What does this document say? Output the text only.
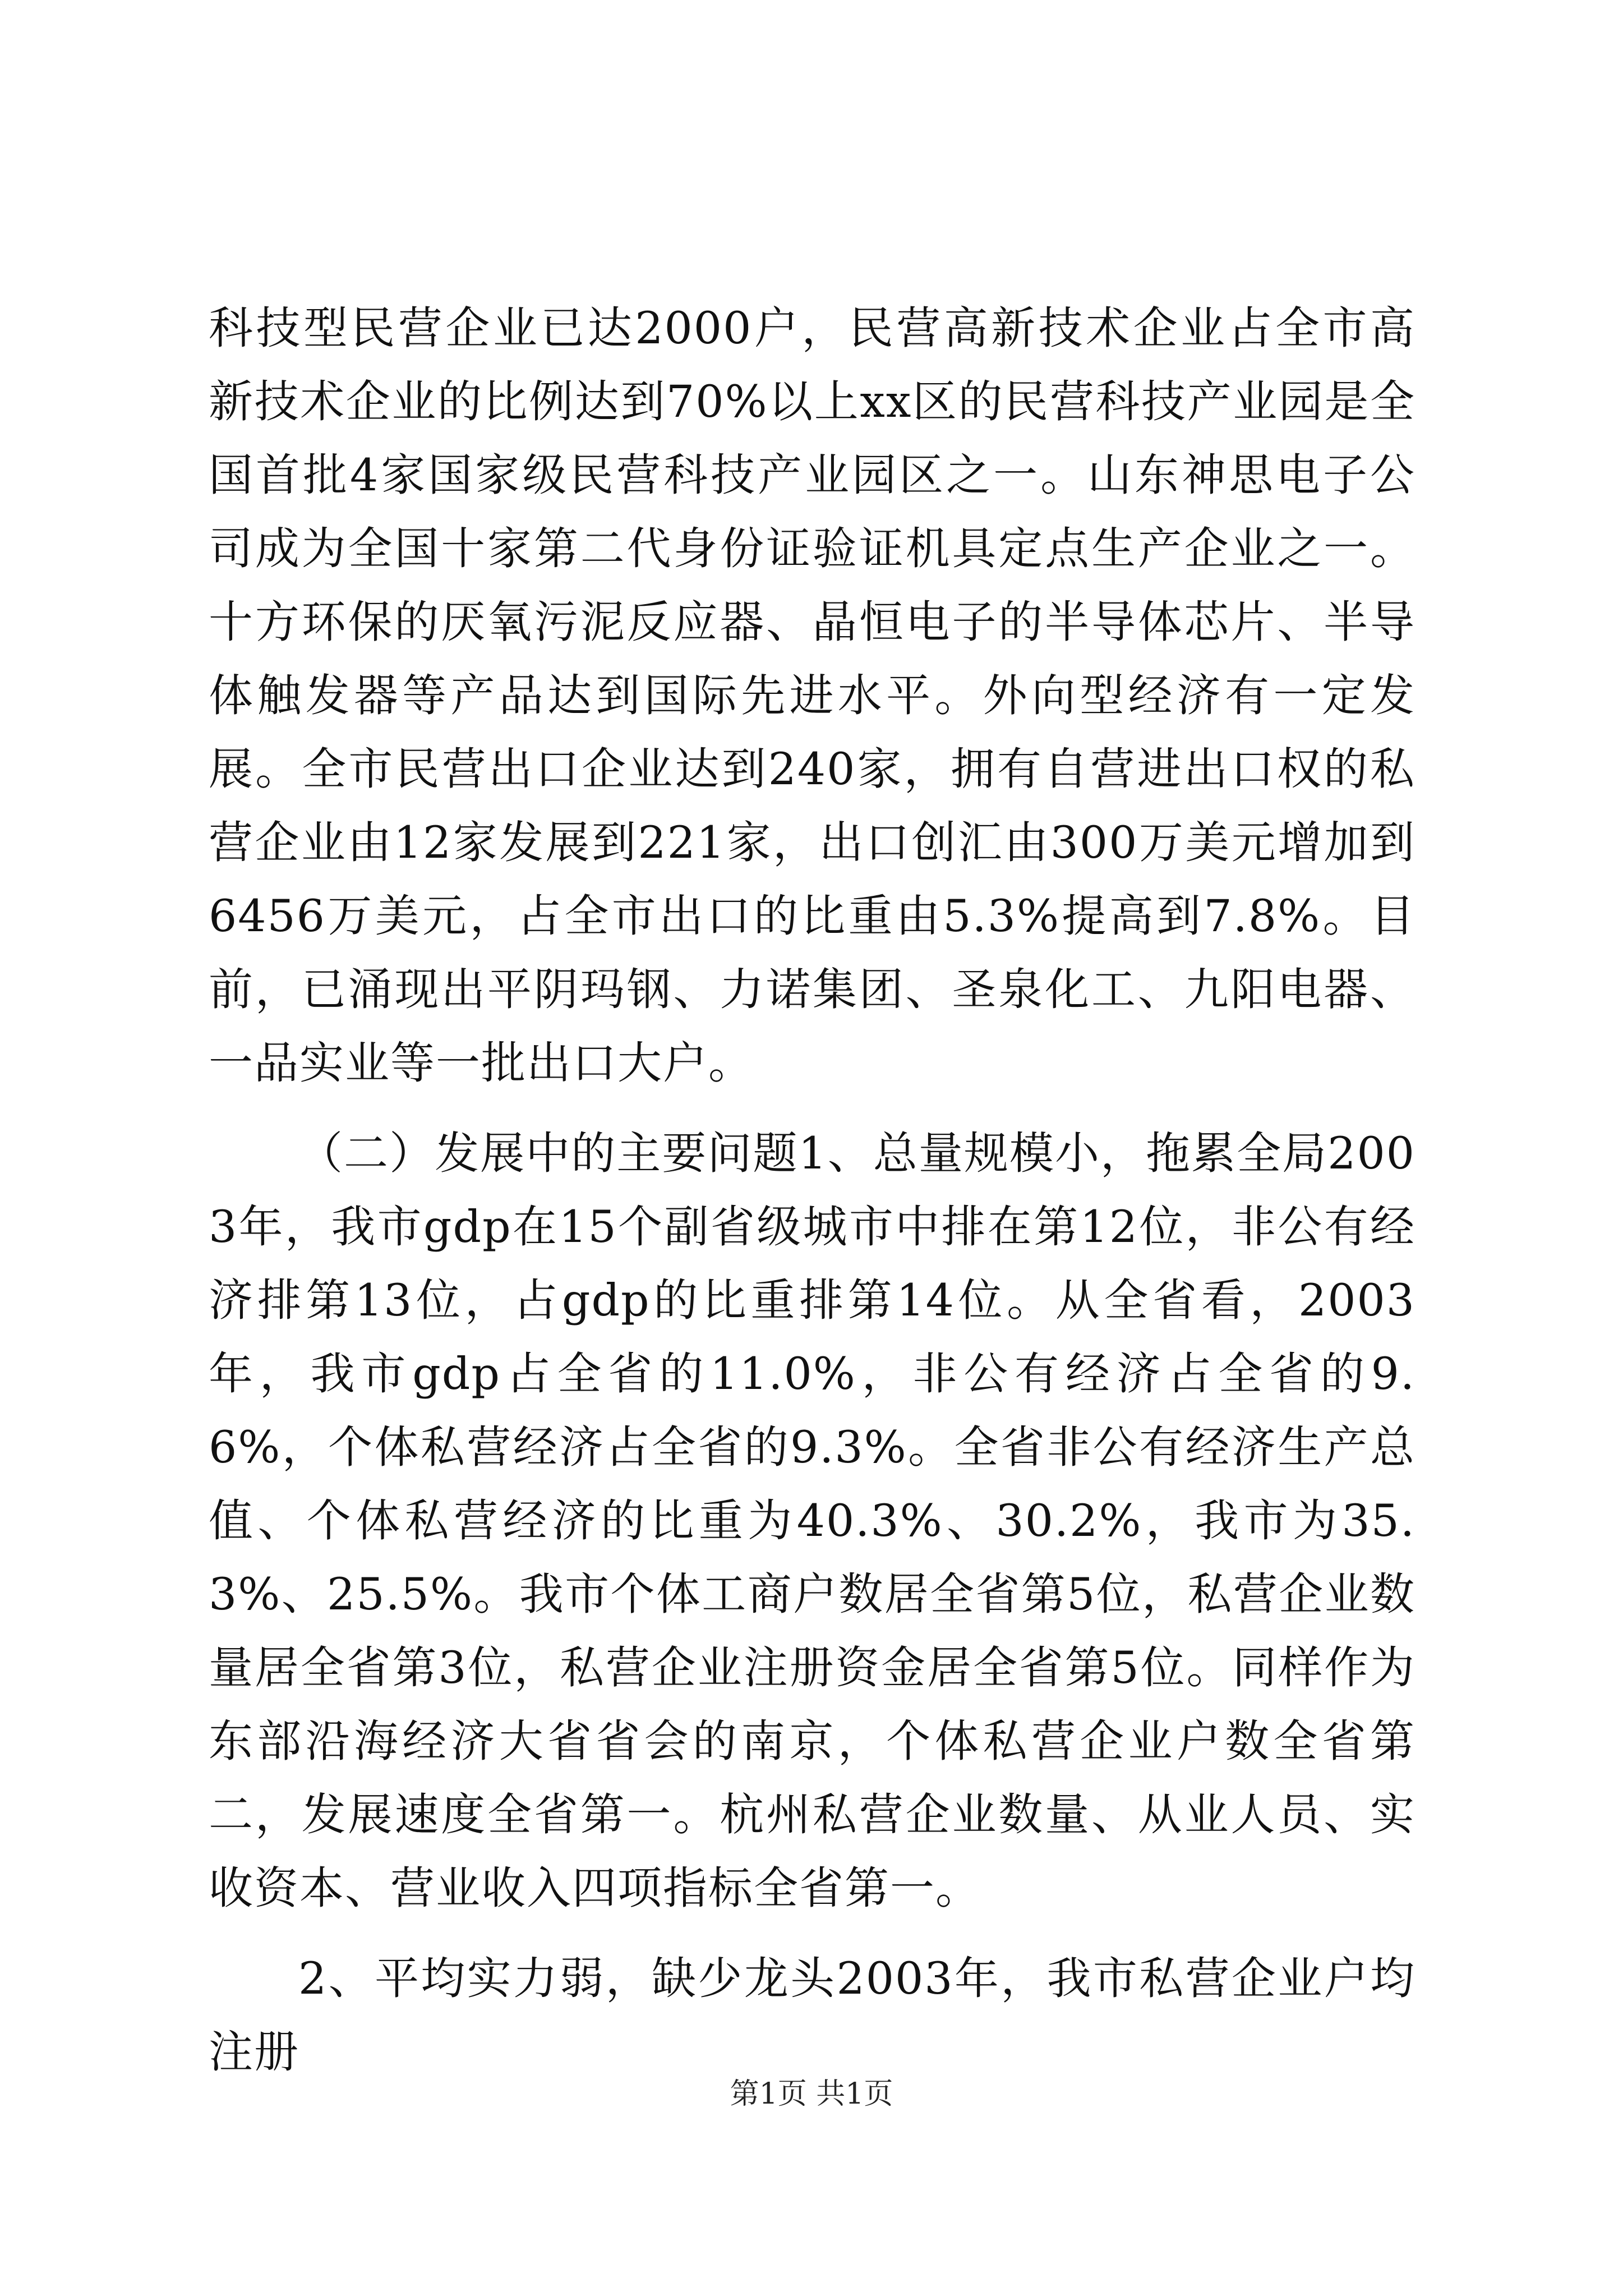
科技型民营企业已达2000户，民营高新技术企业占全市高新技术企业的比例达到70%以上xx区的民营科技产业园是全国首批4家国家级民营科技产业园区之一。山东神思电子公司成为全国十家第二代身份证验证机具定点生产企业之一。十方环保的厌氧污泥反应器、晶恒电子的半导体芯片、半导体触发器等产品达到国际先进水平。外向型经济有一定发展。全市民营出口企业达到240家，拥有自营进出口权的私营企业由12家发展到221家，出口创汇由300万美元增加到6456万美元，占全市出口的比重由5.3%提高到7.8%。目前，已涌现出平阴玛钢、力诺集团、圣泉化工、九阳电器、一品实业等一批出口大户。

（二）发展中的主要问题1、总量规模小，拖累全局2003年，我市gdp在15个副省级城市中排在第12位，非公有经济排第13位，占gdp的比重排第14位。从全省看，2003年，我市gdp占全省的11.0%，非公有经济占全省的9.6%，个体私营经济占全省的9.3%。全省非公有经济生产总值、个体私营经济的比重为40.3%、30.2%，我市为35.3%、25.5%。我市个体工商户数居全省第5位，私营企业数量居全省第3位，私营企业注册资金居全省第5位。同样作为东部沿海经济大省省会的南京，个体私营企业户数全省第二，发展速度全省第一。杭州私营企业数量、从业人员、实收资本、营业收入四项指标全省第一。

2、平均实力弱，缺少龙头2003年，我市私营企业户均注册

第1页 共1页
